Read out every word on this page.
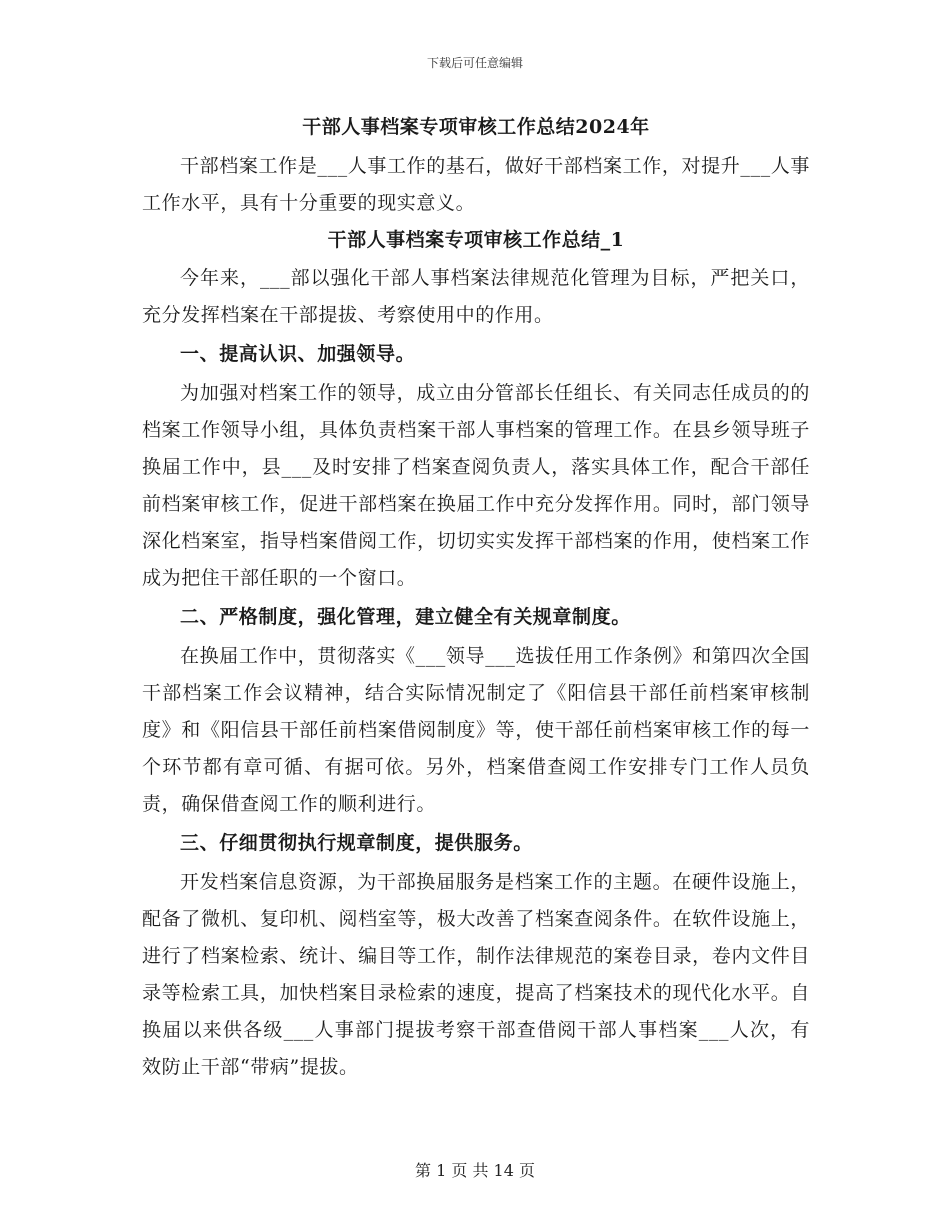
下载后可任意编辑
干部人事档案专项审核工作总结2024年

干部档案工作是___人事工作的基石，做好干部档案工作，对提升___人事工作水平，具有十分重要的现实意义。

干部人事档案专项审核工作总结_1

今年来，___部以强化干部人事档案法律规范化管理为目标，严把关口，充分发挥档案在干部提拔、考察使用中的作用。

一、提高认识、加强领导。

为加强对档案工作的领导，成立由分管部长任组长、有关同志任成员的的档案工作领导小组，具体负责档案干部人事档案的管理工作。在县乡领导班子换届工作中，县___及时安排了档案查阅负责人，落实具体工作，配合干部任前档案审核工作，促进干部档案在换届工作中充分发挥作用。同时，部门领导深化档案室，指导档案借阅工作，切切实实发挥干部档案的作用，使档案工作成为把住干部任职的一个窗口。

二、严格制度，强化管理，建立健全有关规章制度。

在换届工作中，贯彻落实《___领导___选拔任用工作条例》和第四次全国干部档案工作会议精神，结合实际情况制定了《阳信县干部任前档案审核制度》和《阳信县干部任前档案借阅制度》等，使干部任前档案审核工作的每一个环节都有章可循、有据可依。另外，档案借查阅工作安排专门工作人员负责，确保借查阅工作的顺利进行。

三、仔细贯彻执行规章制度，提供服务。

开发档案信息资源，为干部换届服务是档案工作的主题。在硬件设施上，配备了微机、复印机、阅档室等，极大改善了档案查阅条件。在软件设施上，进行了档案检索、统计、编目等工作，制作法律规范的案卷目录，卷内文件目录等检索工具，加快档案目录检索的速度，提高了档案技术的现代化水平。自换届以来供各级___人事部门提拔考察干部查借阅干部人事档案___人次，有效防止干部“带病”提拔。

第 1 页 共 14 页
